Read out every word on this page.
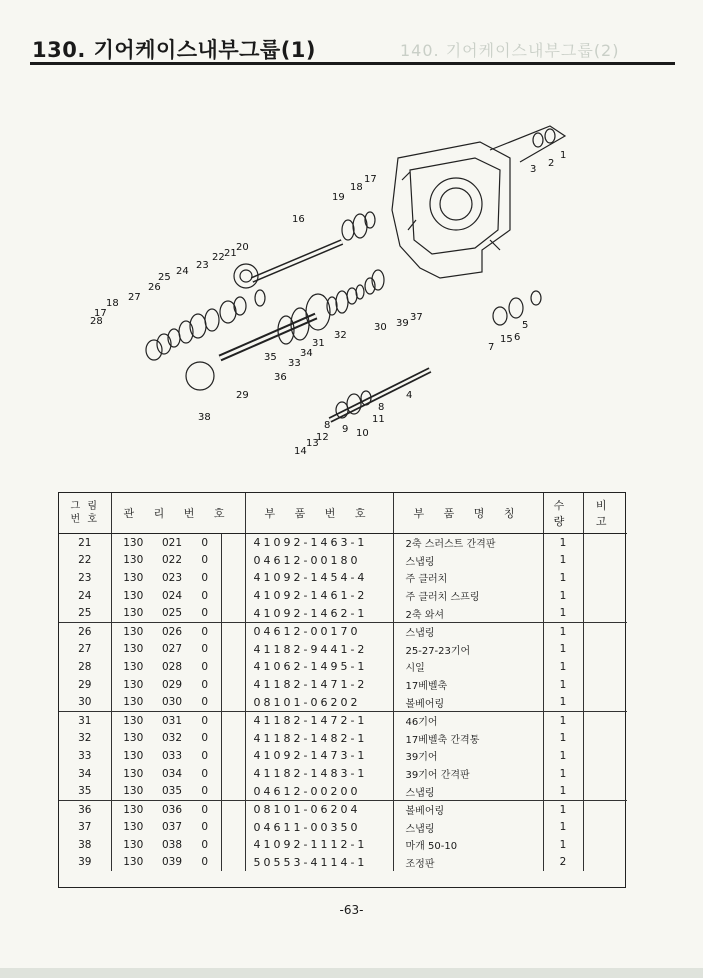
130. 기어케이스내부그룹(1)	140. 기어케이스내부그룹(2)
1
2
3
17
18
19
16
20
21
22
23
24
25
26
27
18
17
28
30 39
37
32
31
34
33
35
36
29
38
4
5
6
15
7
8
11
10
9
8
12
13
14
그 림
번 호	관 리 번 호				부 품 번 호	부 품 명 칭	수 량	비 고
21	130	021	0		41092-1463-1	2축 스러스트 간격판	1	
22	130	022	0		04612-00180	스냅링	1	
23	130	023	0		41092-1454-4	주 클러치	1	
24	130	024	0		41092-1461-2	주 클러치 스프링	1	
25	130	025	0		41092-1462-1	2축 와셔	1	
26	130	026	0		04612-00170	스냅링	1	
27	130	027	0		41182-9441-2	25-27-23기어	1	
28	130	028	0		41062-1495-1	시일	1	
29	130	029	0		41182-1471-2	17베벨축	1	
30	130	030	0		08101-06202	볼베어링	1	
31	130	031	0		41182-1472-1	46기어	1	
32	130	032	0		41182-1482-1	17베벨축 간격통	1	
33	130	033	0		41092-1473-1	39기어	1	
34	130	034	0		41182-1483-1	39기어 간격판	1	
35	130	035	0		04612-00200	스냅링	1	
36	130	036	0		08101-06204	볼베어링	1	
37	130	037	0		04611-00350	스냅링	1	
38	130	038	0		41092-1112-1	마개 50-10	1	
39	130	039	0		50553-4114-1	조정판	2	
-63-
